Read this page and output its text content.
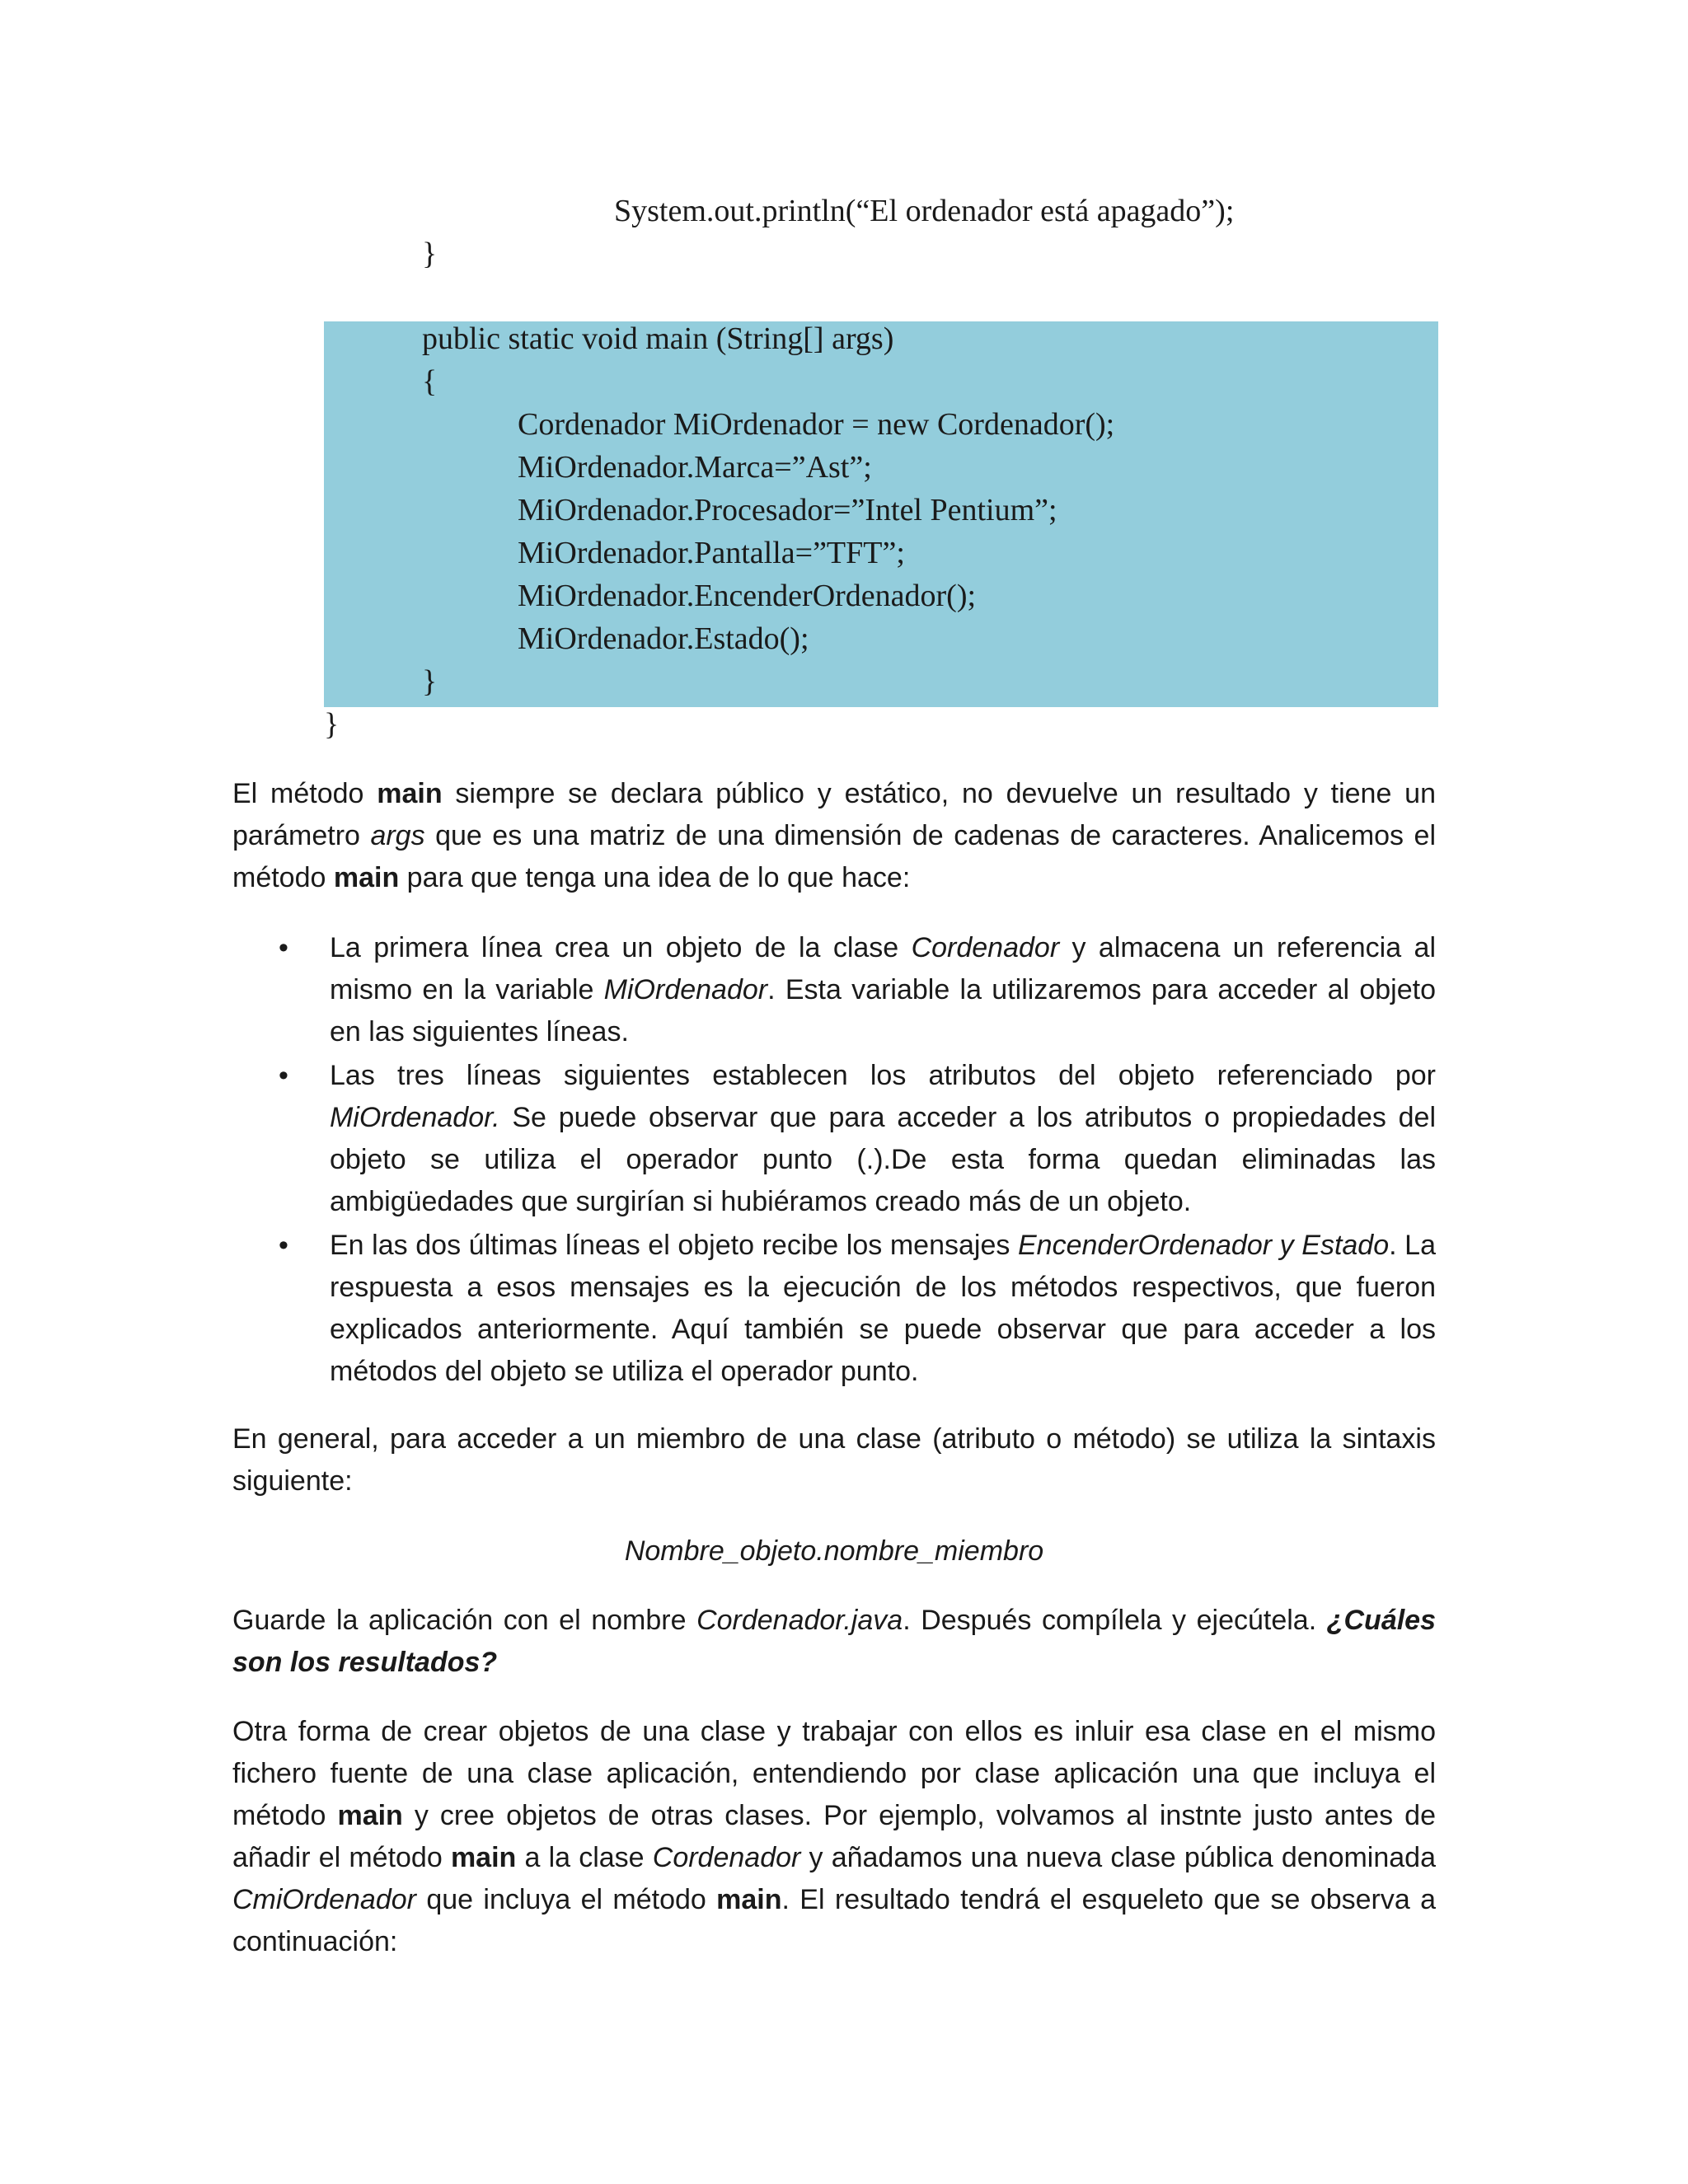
System.out.println(“El ordenador está apagado”);
}
public static void main (String[] args)
{
Cordenador MiOrdenador = new Cordenador();
MiOrdenador.Marca=”Ast”;
MiOrdenador.Procesador=”Intel Pentium”;
MiOrdenador.Pantalla=”TFT”;
MiOrdenador.EncenderOrdenador();
MiOrdenador.Estado();
}
}

El método main siempre se declara público y estático, no devuelve un resultado y tiene un parámetro args que es una matriz de una dimensión de cadenas de caracteres. Analicemos el método main para que tenga una idea de lo que hace:

• La primera línea crea un objeto de la clase Cordenador y almacena un referencia al mismo en la variable MiOrdenador. Esta variable la utilizaremos para acceder al objeto en las siguientes líneas.
• Las tres líneas siguientes establecen los atributos del objeto referenciado por MiOrdenador. Se puede observar que para acceder a los atributos o propiedades del objeto se utiliza el operador punto (.).De esta forma quedan eliminadas las ambigüedades que surgirían si hubiéramos creado más de un objeto.
• En las dos últimas líneas el objeto recibe los mensajes EncenderOrdenador y Estado. La respuesta a esos mensajes es la ejecución de los métodos respectivos, que fueron explicados anteriormente. Aquí también se puede observar que para acceder a los métodos del objeto se utiliza el operador punto.

En general, para acceder a un miembro de una clase (atributo o método) se utiliza la sintaxis siguiente:

Nombre_objeto.nombre_miembro

Guarde la aplicación con el nombre Cordenador.java. Después compílela y ejecútela. ¿Cuáles son los resultados?

Otra forma de crear objetos de una clase y trabajar con ellos es inluir esa clase en el mismo fichero fuente de una clase aplicación, entendiendo por clase aplicación una que incluya el método main y cree objetos de otras clases. Por ejemplo, volvamos al instnte justo antes de añadir el método main a la clase Cordenador y añadamos una nueva clase pública denominada CmiOrdenador que incluya el método main. El resultado tendrá el esqueleto que se observa a continuación:
